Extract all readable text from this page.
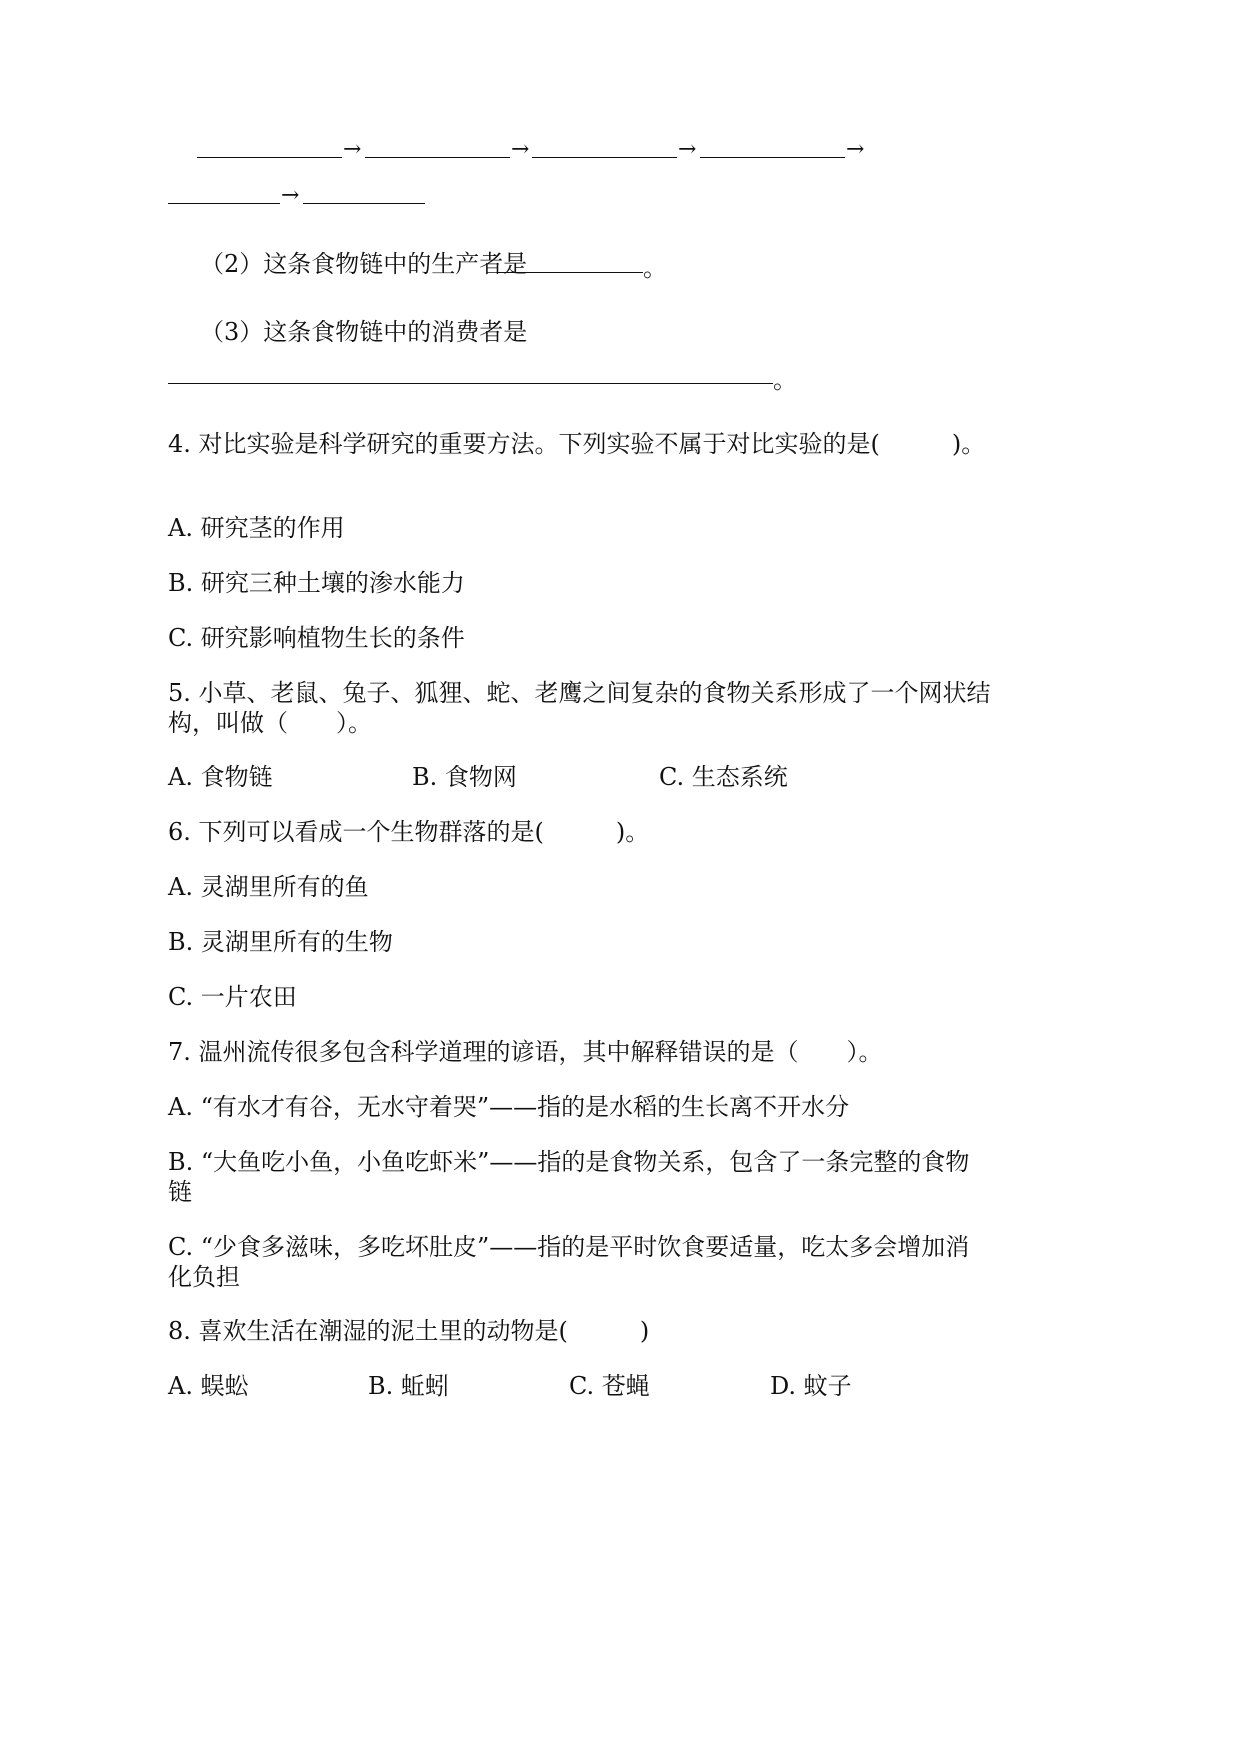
→	→	→	→
→
（2）这条食物链中的生产者是	。
（3）这条食物链中的消费者是
。
4. 对比实验是科学研究的重要方法。下列实验不属于对比实验的是(　　　)。
A. 研究茎的作用
B. 研究三种土壤的渗水能力
C. 研究影响植物生长的条件
5. 小草、老鼠、兔子、狐狸、蛇、老鹰之间复杂的食物关系形成了一个网状结
构，叫做（　　）。
A. 食物链	B. 食物网	C. 生态系统
6. 下列可以看成一个生物群落的是(　　　)。
A. 灵湖里所有的鱼
B. 灵湖里所有的生物
C. 一片农田
7. 温州流传很多包含科学道理的谚语，其中解释错误的是（　　）。
A. “有水才有谷，无水守着哭”——指的是水稻的生长离不开水分
B. “大鱼吃小鱼，小鱼吃虾米”——指的是食物关系，包含了一条完整的食物
链
C. “少食多滋味，多吃坏肚皮”——指的是平时饮食要适量，吃太多会增加消
化负担
8. 喜欢生活在潮湿的泥土里的动物是(　　　)
A. 蜈蚣	B. 蚯蚓	C. 苍蝇	D. 蚊子
